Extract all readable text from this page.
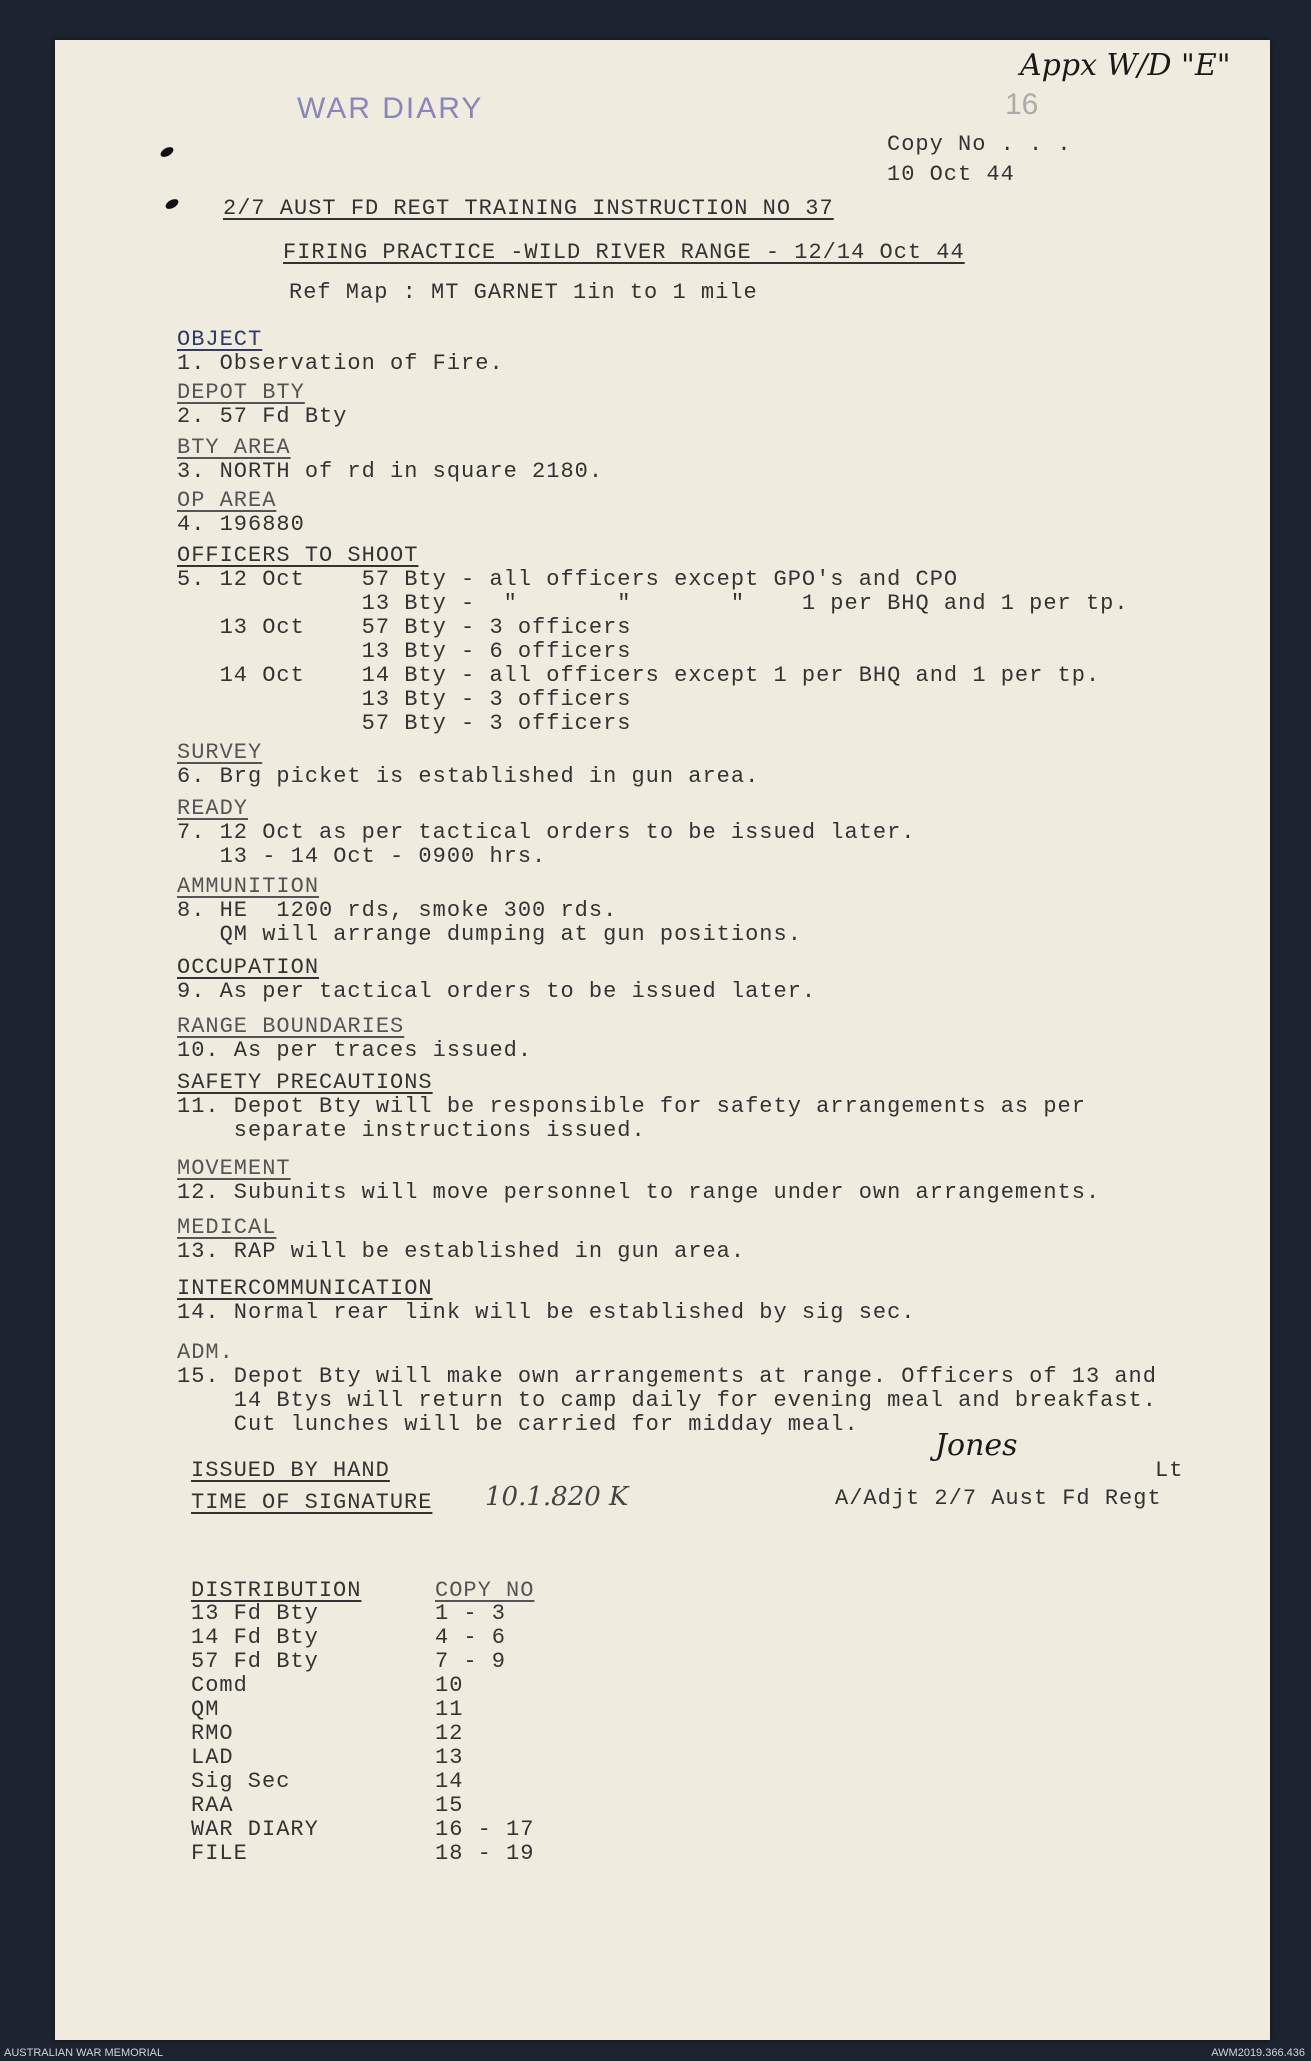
Appx W/D "E"
16
WAR DIARY
Copy No . . .
10 Oct 44
2/7 AUST FD REGT TRAINING INSTRUCTION NO 37
FIRING PRACTICE -WILD RIVER RANGE - 12/14 Oct 44
Ref Map : MT GARNET 1in to 1 mile
OBJECT
1. Observation of Fire.
DEPOT BTY
2. 57 Fd Bty
BTY AREA
3. NORTH of rd in square 2180.
OP AREA
4. 196880
OFFICERS TO SHOOT
5. 12 Oct    57 Bty - all officers except GPO's and CPO
13 Bty -  "       "       "    1 per BHQ and 1 per tp.
13 Oct    57 Bty - 3 officers
13 Bty - 6 officers
14 Oct    14 Bty - all officers except 1 per BHQ and 1 per tp.
13 Bty - 3 officers
57 Bty - 3 officers
SURVEY
6. Brg picket is established in gun area.
READY
7. 12 Oct as per tactical orders to be issued later.
13 - 14 Oct - 0900 hrs.
AMMUNITION
8. HE  1200 rds, smoke 300 rds.
QM will arrange dumping at gun positions.
OCCUPATION
9. As per tactical orders to be issued later.
RANGE BOUNDARIES
10. As per traces issued.
SAFETY PRECAUTIONS
11. Depot Bty will be responsible for safety arrangements as per
separate instructions issued.
MOVEMENT
12. Subunits will move personnel to range under own arrangements.
MEDICAL
13. RAP will be established in gun area.
INTERCOMMUNICATION
14. Normal rear link will be established by sig sec.
ADM.
15. Depot Bty will make own arrangements at range. Officers of 13 and
14 Btys will return to camp daily for evening meal and breakfast.
Cut lunches will be carried for midday meal.
ISSUED BY HAND
TIME OF SIGNATURE 10.1.820 K
Jones
Lt
A/Adjt 2/7 Aust Fd Regt
DISTRIBUTION	COPY NO
13 Fd Bty
14 Fd Bty
57 Fd Bty
Comd
QM
RMO
LAD
Sig Sec
RAA
WAR DIARY
FILE
1 - 3
4 - 6
7 - 9
10
11
12
13
14
15
16 - 17
18 - 19
AUSTRALIAN WAR MEMORIAL	AWM2019.366.436
